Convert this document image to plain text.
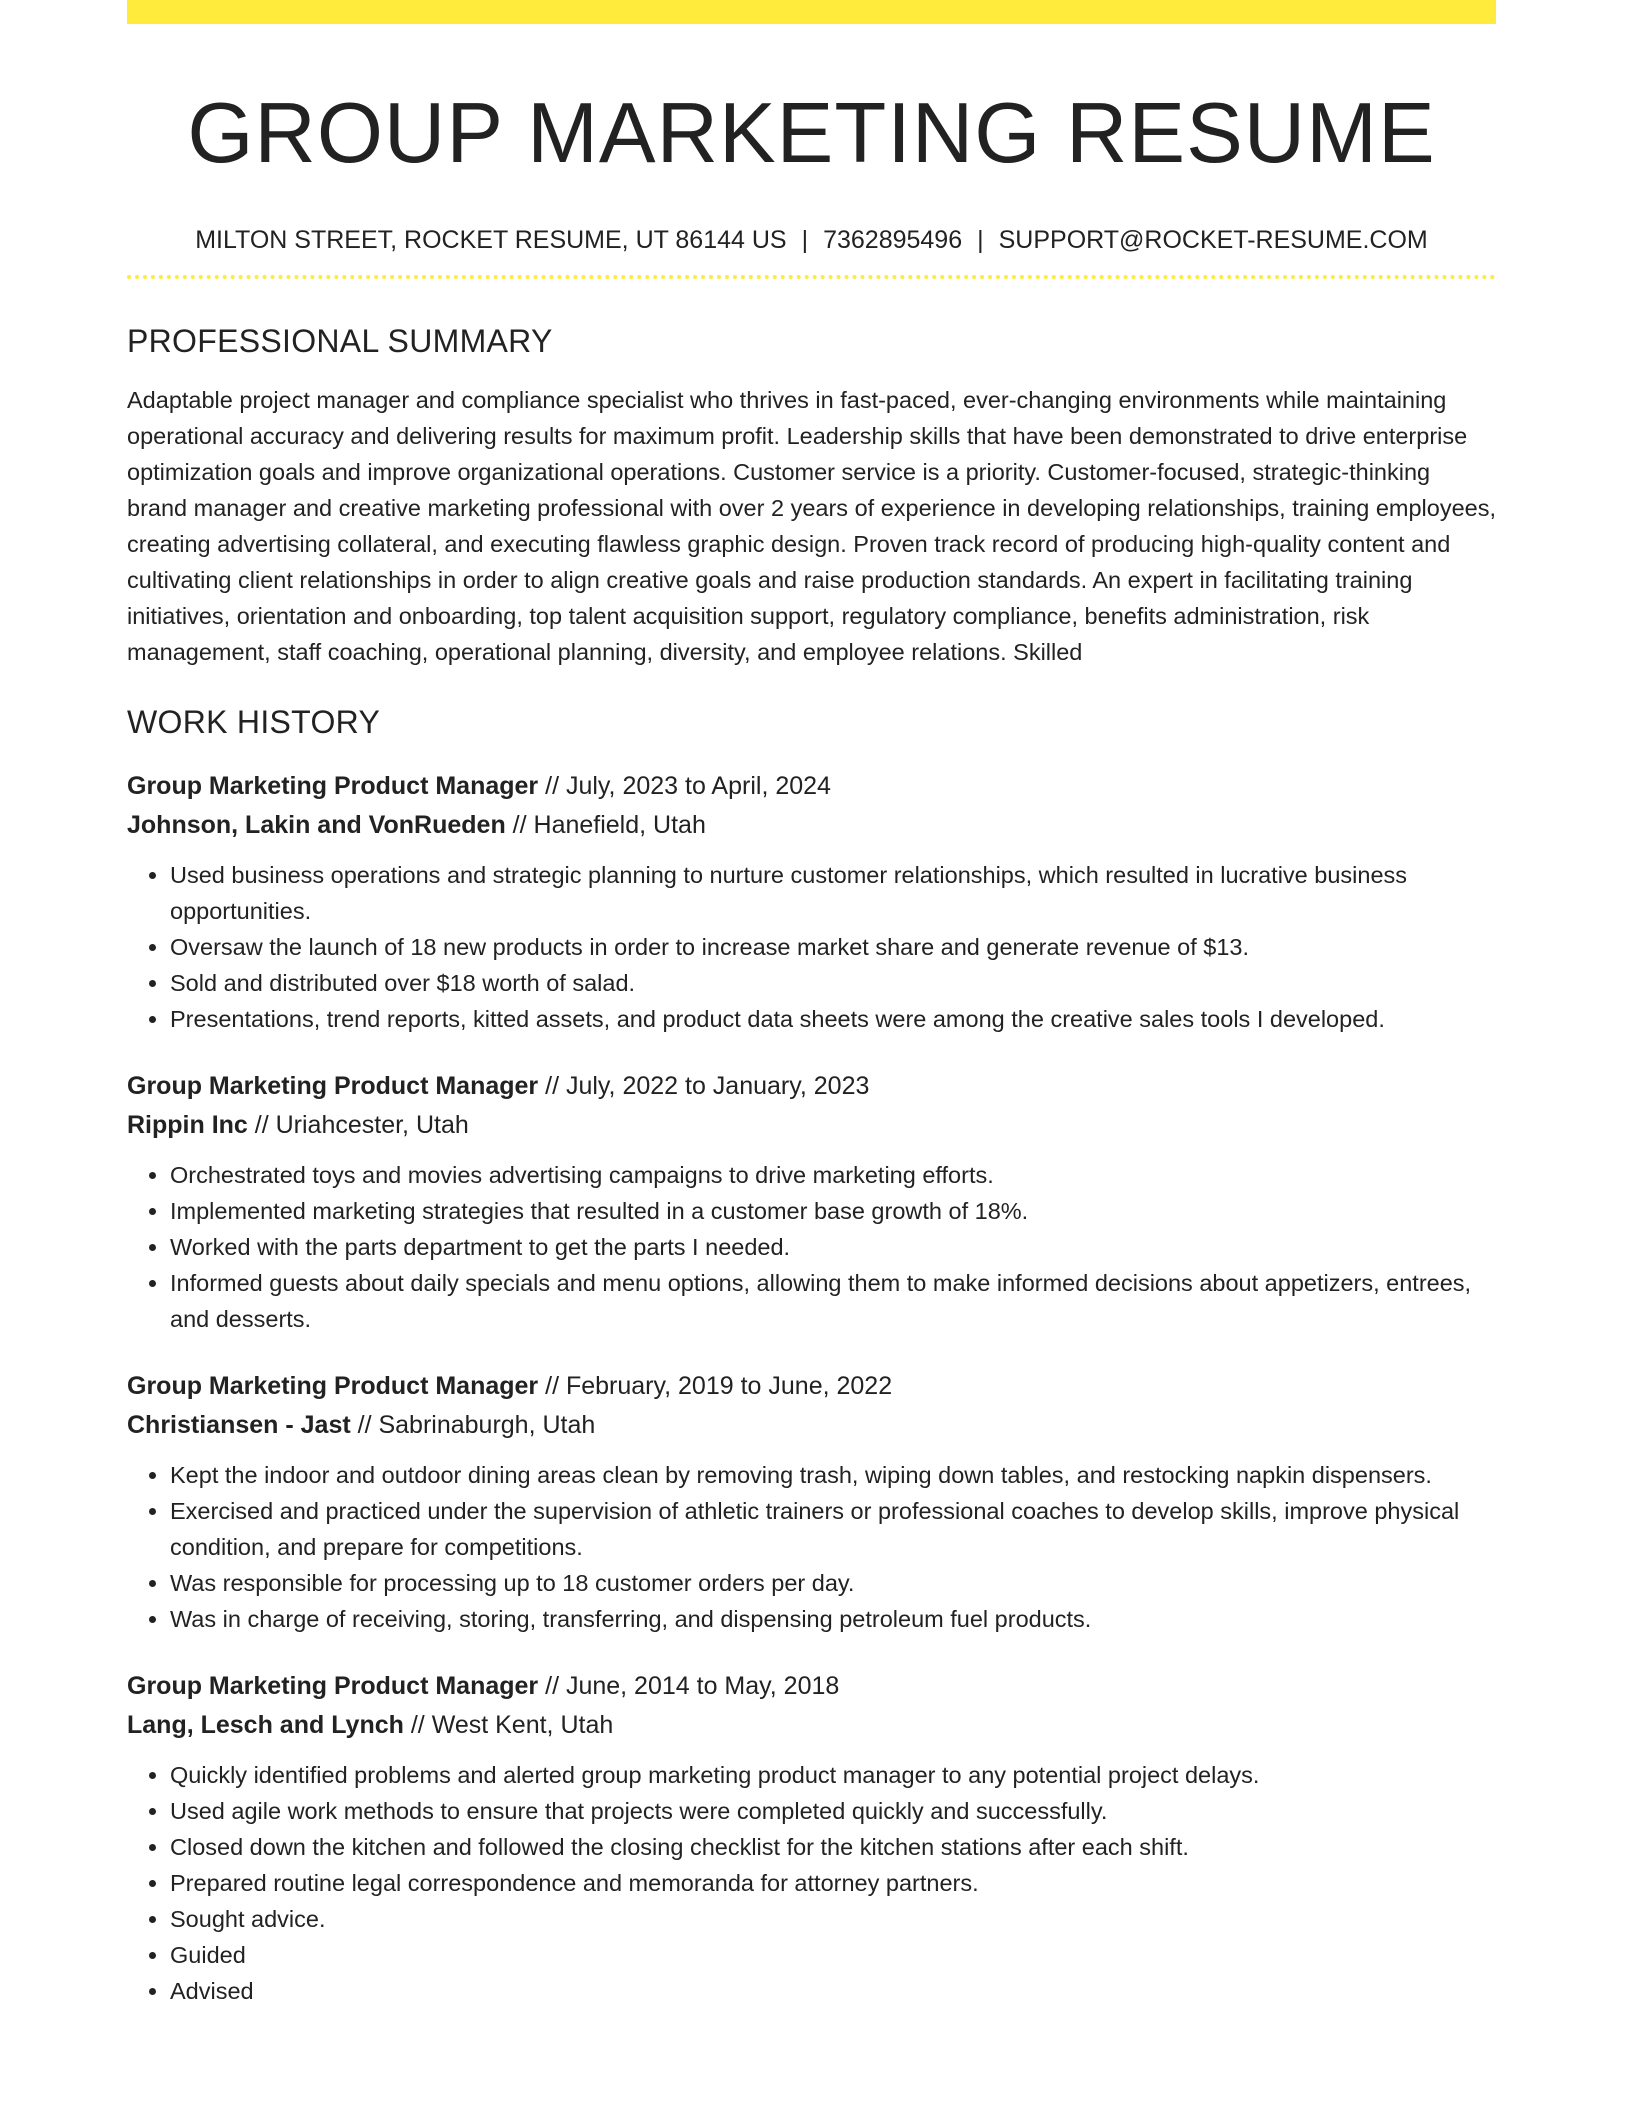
GROUP MARKETING RESUME
MILTON STREET, ROCKET RESUME, UT 86144 US | 7362895496 | SUPPORT@ROCKET-RESUME.COM
PROFESSIONAL SUMMARY
Adaptable project manager and compliance specialist who thrives in fast-paced, ever-changing environments while maintaining operational accuracy and delivering results for maximum profit. Leadership skills that have been demonstrated to drive enterprise optimization goals and improve organizational operations. Customer service is a priority. Customer-focused, strategic-thinking brand manager and creative marketing professional with over 2 years of experience in developing relationships, training employees, creating advertising collateral, and executing flawless graphic design. Proven track record of producing high-quality content and cultivating client relationships in order to align creative goals and raise production standards. An expert in facilitating training initiatives, orientation and onboarding, top talent acquisition support, regulatory compliance, benefits administration, risk management, staff coaching, operational planning, diversity, and employee relations. Skilled
WORK HISTORY
Group Marketing Product Manager // July, 2023 to April, 2024
Johnson, Lakin and VonRueden // Hanefield, Utah
• Used business operations and strategic planning to nurture customer relationships, which resulted in lucrative business opportunities.
• Oversaw the launch of 18 new products in order to increase market share and generate revenue of $13.
• Sold and distributed over $18 worth of salad.
• Presentations, trend reports, kitted assets, and product data sheets were among the creative sales tools I developed.
Group Marketing Product Manager // July, 2022 to January, 2023
Rippin Inc // Uriahcester, Utah
• Orchestrated toys and movies advertising campaigns to drive marketing efforts.
• Implemented marketing strategies that resulted in a customer base growth of 18%.
• Worked with the parts department to get the parts I needed.
• Informed guests about daily specials and menu options, allowing them to make informed decisions about appetizers, entrees, and desserts.
Group Marketing Product Manager // February, 2019 to June, 2022
Christiansen - Jast // Sabrinaburgh, Utah
• Kept the indoor and outdoor dining areas clean by removing trash, wiping down tables, and restocking napkin dispensers.
• Exercised and practiced under the supervision of athletic trainers or professional coaches to develop skills, improve physical condition, and prepare for competitions.
• Was responsible for processing up to 18 customer orders per day.
• Was in charge of receiving, storing, transferring, and dispensing petroleum fuel products.
Group Marketing Product Manager // June, 2014 to May, 2018
Lang, Lesch and Lynch // West Kent, Utah
• Quickly identified problems and alerted group marketing product manager to any potential project delays.
• Used agile work methods to ensure that projects were completed quickly and successfully.
• Closed down the kitchen and followed the closing checklist for the kitchen stations after each shift.
• Prepared routine legal correspondence and memoranda for attorney partners.
• Sought advice.
• Guided
• Advised
